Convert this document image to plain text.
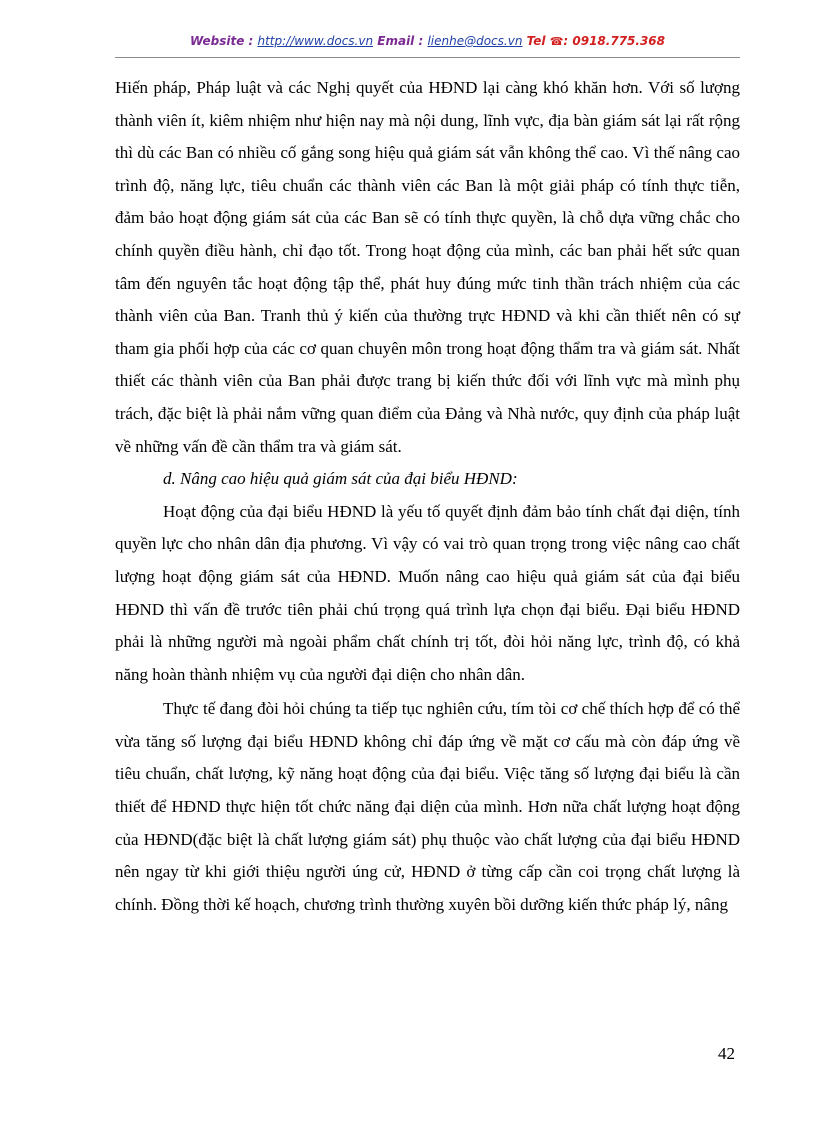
Website : http://www.docs.vn Email : lienhe@docs.vn Tel ☎: 0918.775.368

Hiến pháp, Pháp luật và các Nghị quyết của HĐND lại càng khó khăn hơn. Với số lượng thành viên ít, kiêm nhiệm như hiện nay mà nội dung, lĩnh vực, địa bàn giám sát lại rất rộng thì dù các Ban có nhiều cố gắng song hiệu quả giám sát vẫn không thể cao. Vì thế nâng cao trình độ, năng lực, tiêu chuẩn các thành viên các Ban là một giải pháp có tính thực tiễn, đảm bảo hoạt động giám sát của các Ban sẽ có tính thực quyền, là chỗ dựa vững chắc cho chính quyền điều hành, chỉ đạo tốt. Trong hoạt động của mình, các ban phải hết sức quan tâm đến nguyên tắc hoạt động tập thể, phát huy đúng mức tinh thần trách nhiệm của các thành viên của Ban. Tranh thủ ý kiến của thường trực HĐND và khi cần thiết nên có sự tham gia phối hợp của các cơ quan chuyên môn trong hoạt động thẩm tra và giám sát. Nhất thiết các thành viên của Ban phải được trang bị kiến thức đối với lĩnh vực mà mình phụ trách, đặc biệt là phải nắm vững quan điểm của Đảng và Nhà nước, quy định của pháp luật về những vấn đề cần thẩm tra và giám sát.

d. Nâng cao hiệu quả giám sát của đại biểu HĐND:

Hoạt động của đại biểu HĐND là yếu tố quyết định đảm bảo tính chất đại diện, tính quyền lực cho nhân dân địa phương. Vì vậy có vai trò quan trọng trong việc nâng cao chất lượng hoạt động giám sát của HĐND. Muốn nâng cao hiệu quả giám sát của đại biểu HĐND thì vấn đề trước tiên phải chú trọng quá trình lựa chọn đại biểu. Đại biểu HĐND phải là những người mà ngoài phẩm chất chính trị tốt, đòi hỏi năng lực, trình độ, có khả năng hoàn thành nhiệm vụ của người đại diện cho nhân dân.

Thực tế đang đòi hỏi chúng ta tiếp tục nghiên cứu, tím tòi cơ chế thích hợp để có thể vừa tăng số lượng đại biểu HĐND không chỉ đáp ứng về mặt cơ cấu mà còn đáp ứng về tiêu chuẩn, chất lượng, kỹ năng hoạt động của đại biểu. Việc tăng số lượng đại biểu là cần thiết để HĐND thực hiện tốt chức năng đại diện của mình. Hơn nữa chất lượng hoạt động của HĐND(đặc biệt là chất lượng giám sát) phụ thuộc vào chất lượng của đại biểu HĐND nên ngay từ khi giới thiệu người úng cử, HĐND ở từng cấp cần coi trọng chất lượng là chính. Đồng thời kế hoạch, chương trình thường xuyên bồi dưỡng kiến thức pháp lý, nâng

42
